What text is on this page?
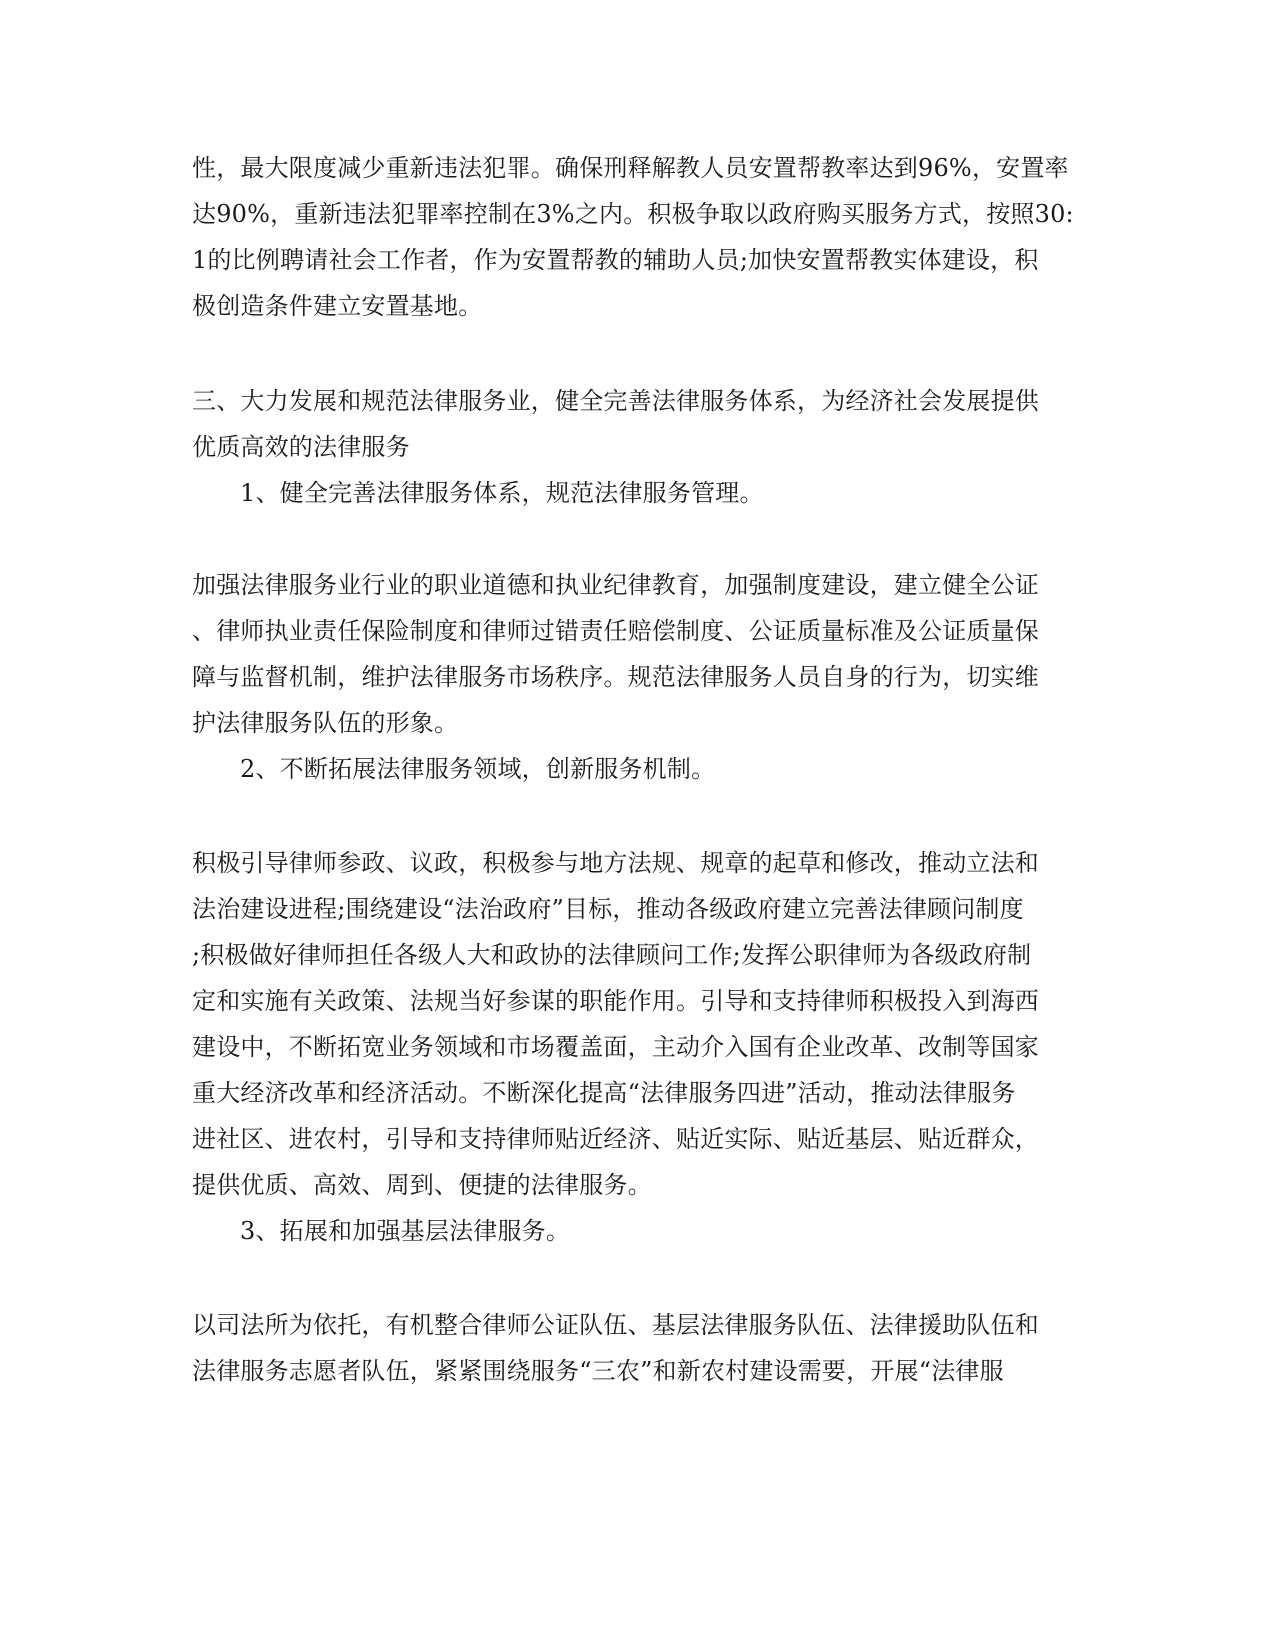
性，最大限度减少重新违法犯罪。确保刑释解教人员安置帮教率达到96%，安置率

达90%，重新违法犯罪率控制在3%之内。积极争取以政府购买服务方式，按照30:

1的比例聘请社会工作者，作为安置帮教的辅助人员;加快安置帮教实体建设，积

极创造条件建立安置基地。

三、大力发展和规范法律服务业，健全完善法律服务体系，为经济社会发展提供

优质高效的法律服务

1、健全完善法律服务体系，规范法律服务管理。

加强法律服务业行业的职业道德和执业纪律教育，加强制度建设，建立健全公证

、律师执业责任保险制度和律师过错责任赔偿制度、公证质量标准及公证质量保

障与监督机制，维护法律服务市场秩序。规范法律服务人员自身的行为，切实维

护法律服务队伍的形象。

2、不断拓展法律服务领域，创新服务机制。

积极引导律师参政、议政，积极参与地方法规、规章的起草和修改，推动立法和

法治建设进程;围绕建设“法治政府”目标，推动各级政府建立完善法律顾问制度

;积极做好律师担任各级人大和政协的法律顾问工作;发挥公职律师为各级政府制

定和实施有关政策、法规当好参谋的职能作用。引导和支持律师积极投入到海西

建设中，不断拓宽业务领域和市场覆盖面，主动介入国有企业改革、改制等国家

重大经济改革和经济活动。不断深化提高“法律服务四进”活动，推动法律服务

进社区、进农村，引导和支持律师贴近经济、贴近实际、贴近基层、贴近群众，

提供优质、高效、周到、便捷的法律服务。

3、拓展和加强基层法律服务。

以司法所为依托，有机整合律师公证队伍、基层法律服务队伍、法律援助队伍和

法律服务志愿者队伍，紧紧围绕服务“三农”和新农村建设需要，开展“法律服
